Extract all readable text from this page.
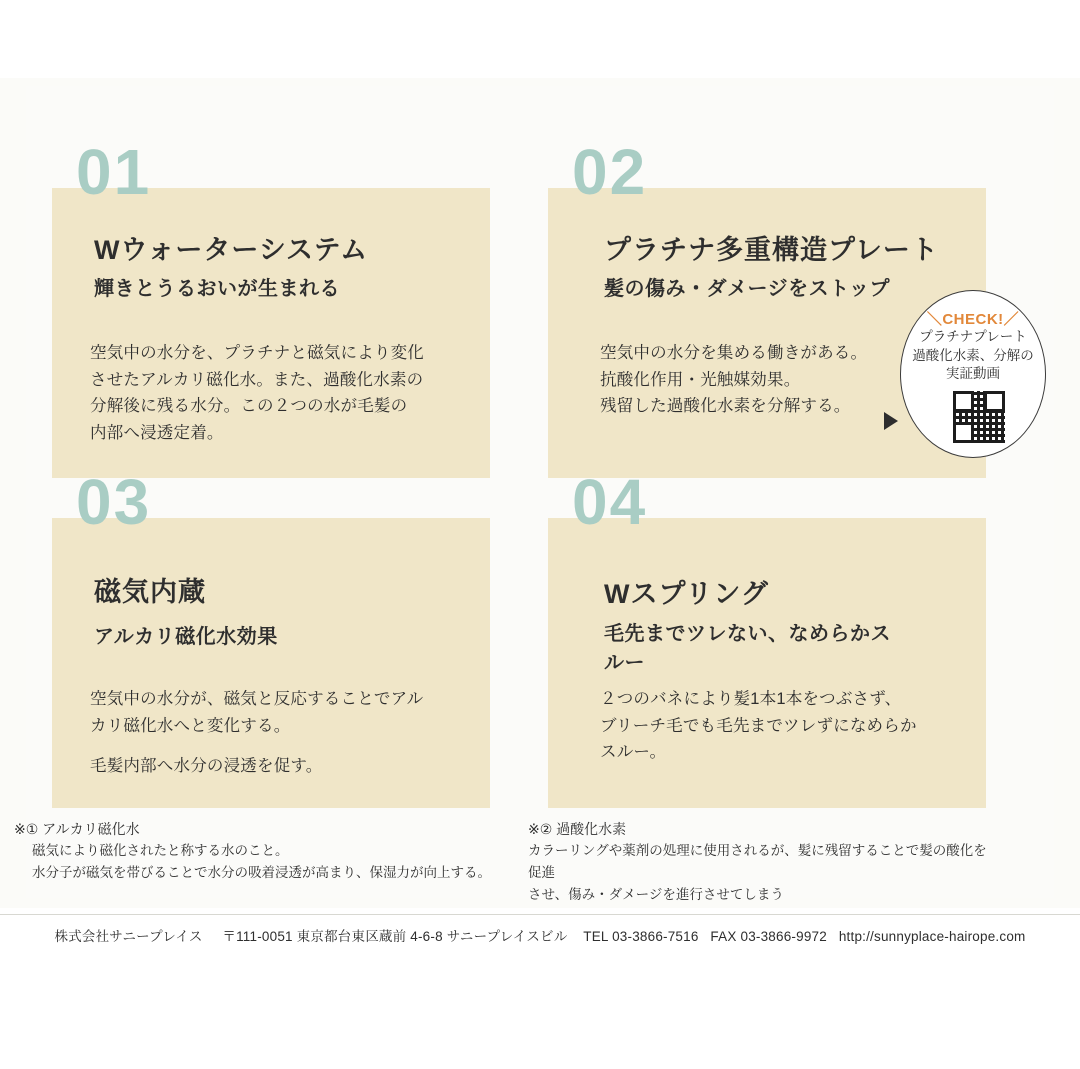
01	02
03	04
Wウォーターシステム
輝きとうるおいが生まれる
空気中の水分を、プラチナと磁気により変化
させたアルカリ磁化水。また、過酸化水素の
分解後に残る水分。この２つの水が毛髪の
内部へ浸透定着。
プラチナ多重構造プレート
髪の傷み・ダメージをストップ
空気中の水分を集める働きがある。
抗酸化作用・光触媒効果。
残留した過酸化水素を分解する。
磁気内蔵
アルカリ磁化水効果
空気中の水分が、磁気と反応することでアル
カリ磁化水へと変化する。
毛髪内部へ水分の浸透を促す。
Wスプリング
毛先までツレない、なめらかスルー
２つのバネにより髪1本1本をつぶさず、
ブリーチ毛でも毛先までツレずになめらか
スルー。
＼CHECK!／
プラチナプレート
過酸化水素、分解の
実証動画
※① アルカリ磁化水
磁気により磁化されたと称する水のこと。
水分子が磁気を帯びることで水分の吸着浸透が高まり、保湿力が向上する。
※② 過酸化水素
カラーリングや薬剤の処理に使用されるが、髪に残留することで髪の酸化を促進
させ、傷み・ダメージを進行させてしまう
株式会社サニープレイス 〒111-0051 東京都台東区蔵前 4-6-8 サニープレイスビル TEL 03-3866-7516 FAX 03-3866-9972 http://sunnyplace-hairope.com
